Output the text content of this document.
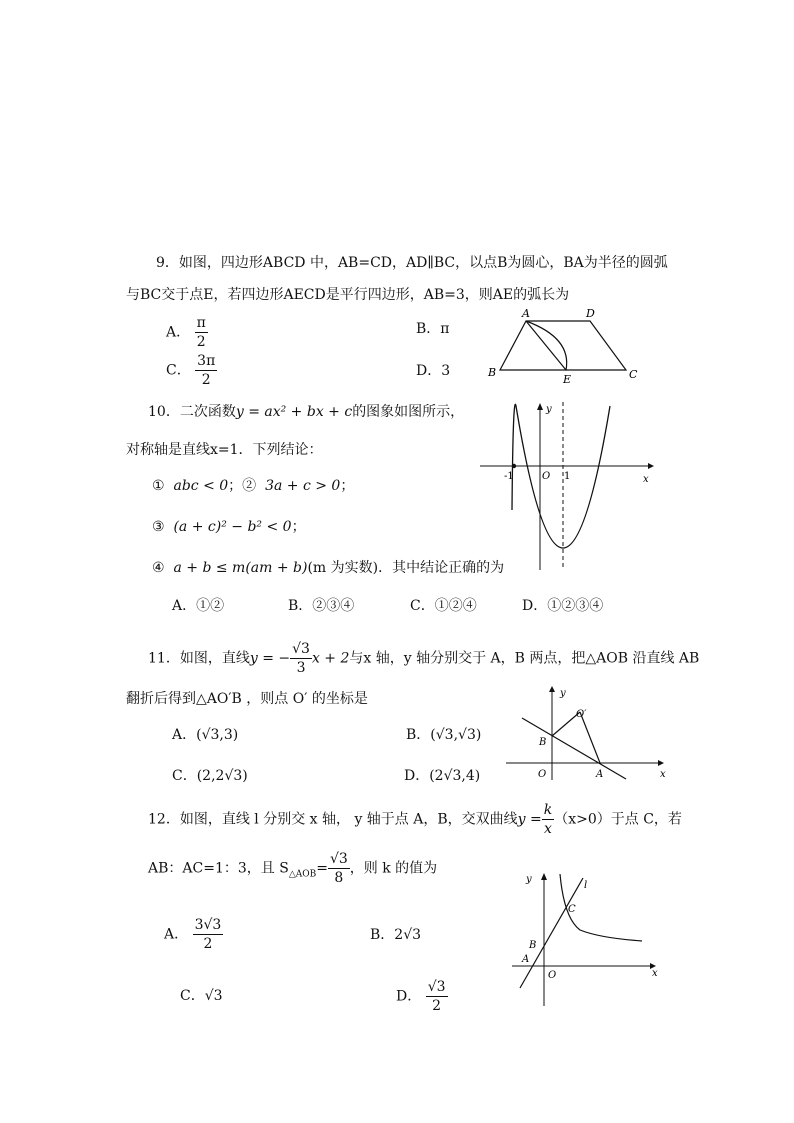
9．如图，四边形ABCD 中，AB=CD，AD∥BC，以点B为圆心，BA为半径的圆弧
与BC交于点E，若四边形AECD是平行四边形，AB=3，则AE的弧长为
A． $\frac{\pi}{2}$	B．π
C． $\frac{3\pi}{2}$	D．3
A	D
B
E	C
10．二次函数y = ax² + bx + c的图象如图所示，
对称轴是直线x=1．下列结论：
① abc < 0；② 3a + c > 0；
③ (a + c)² − b² < 0；
④ a + b ≤ m(am + b)(m 为实数)．其中结论正确的为
A．①②	B．②③④	C．①②④	D．①②③④
y
x
O
-1	1
11．如图，直线y = − $\frac{√3}{3}$ x + 2与x 轴，y 轴分别交于 A，B 两点，把△AOB 沿直线 AB
翻折后得到△AO′B ，则点 O′ 的坐标是
A．(√3,3)	B．(√3,√3)
C．(2,2√3)	D．(2√3,4)
y
x
O	A
B
O′
12．如图，直线 l 分别交 x 轴， y 轴于点 A，B，交双曲线$y = \frac{k}{x} (x>0)$于点 C，若
AB：AC=1：3，且 $S_{\triangle AOB}= \frac{√3}{8}$ ，则 k 的值为
A． $\frac{3√3}{2}$	B．2√3
C．√3	D． $\frac{√3}{2}$
y
x
O
A
B
C
l
